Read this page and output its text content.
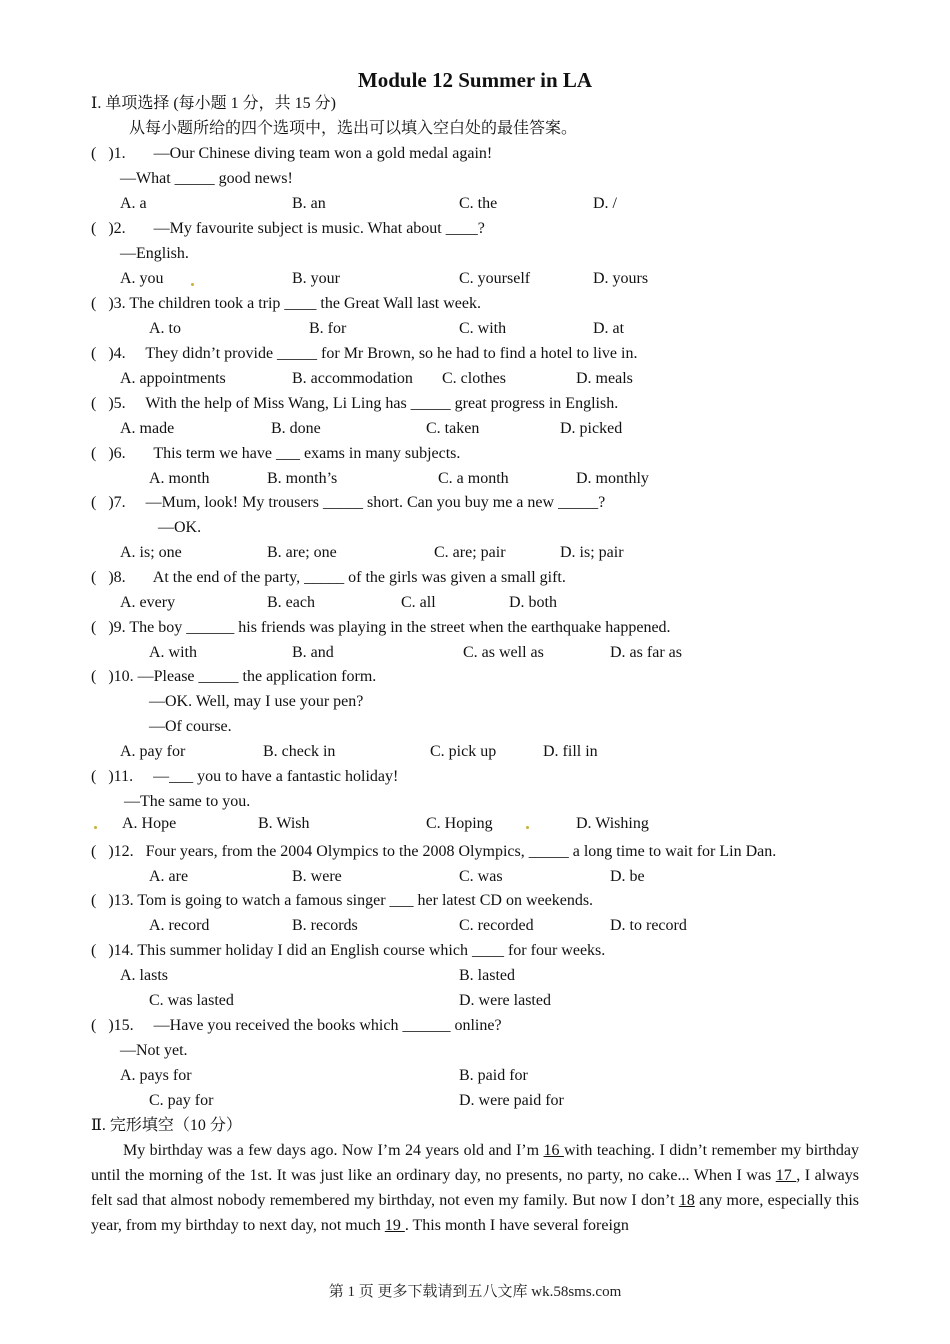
Module 12 Summer in LA
Ⅰ. 单项选择 (每小题 1 分，共 15 分)
从每小题所给的四个选项中，选出可以填入空白处的最佳答案。
(   )1.       —Our Chinese diving team won a gold medal again!
—What _____ good news!
A. a	B. an	C. the	D. /
(   )2.       —My favourite subject is music. What about ____?
—English.
A. you	B. your	C. yourself	D. yours
(   )3. The children took a trip ____ the Great Wall last week.
A. to	B. for	C. with	D. at
(   )4.     They didn’t provide _____ for Mr Brown, so he had to find a hotel to live in.
A. appointments	B. accommodation C. clothes	D. meals
(   )5.     With the help of Miss Wang, Li Ling has _____ great progress in English.
A. made	B. done	C. taken	D. picked
(   )6.       This term we have ___ exams in many subjects.
A. month	B. month’s	C. a month	D. monthly
(   )7.     —Mum, look! My trousers _____ short. Can you buy me a new _____?
—OK.
A. is; one	B. are; one	C. are; pair	D. is; pair
(   )8.       At the end of the party, _____ of the girls was given a small gift.
A. every	B. each	C. all	D. both
(   )9. The boy ______ his friends was playing in the street when the earthquake happened.
A. with	B. and	C. as well as	D. as far as
(   )10. —Please _____ the application form.
—OK. Well, may I use your pen?
—Of course.
A. pay for	B. check in	C. pick up	D. fill in
(   )11.     —___ you to have a fantastic holiday!
—The same to you.
A. Hope	B. Wish	C. Hoping	D. Wishing
(   )12.   Four years, from the 2004 Olympics to the 2008 Olympics, _____ a long time to wait for Lin Dan.
A. are	B. were	C. was	D. be
(   )13. Tom is going to watch a famous singer ___ her latest CD on weekends.
A. record	B. records	C. recorded	D. to record
(   )14. This summer holiday I did an English course which ____ for four weeks.
A. lasts	B. lasted
C. was lasted	D. were lasted
(   )15.     —Have you received the books which ______ online?
—Not yet.
A. pays for	B. paid for
C. pay for	D. were paid for
Ⅱ. 完形填空（10 分）
My birthday was a few days ago. Now I’m 24 years old and I’m 16 with teaching. I didn’t remember my birthday until the morning of the 1st. It was just like an ordinary day, no presents, no party, no cake... When I was 17 , I always felt sad that almost nobody remembered my birthday, not even my family. But now I don’t 18 any more, especially this year, from my birthday to next day, not much 19 . This month I have several foreign
第 1 页 更多下载请到五八文库 wk.58sms.com
